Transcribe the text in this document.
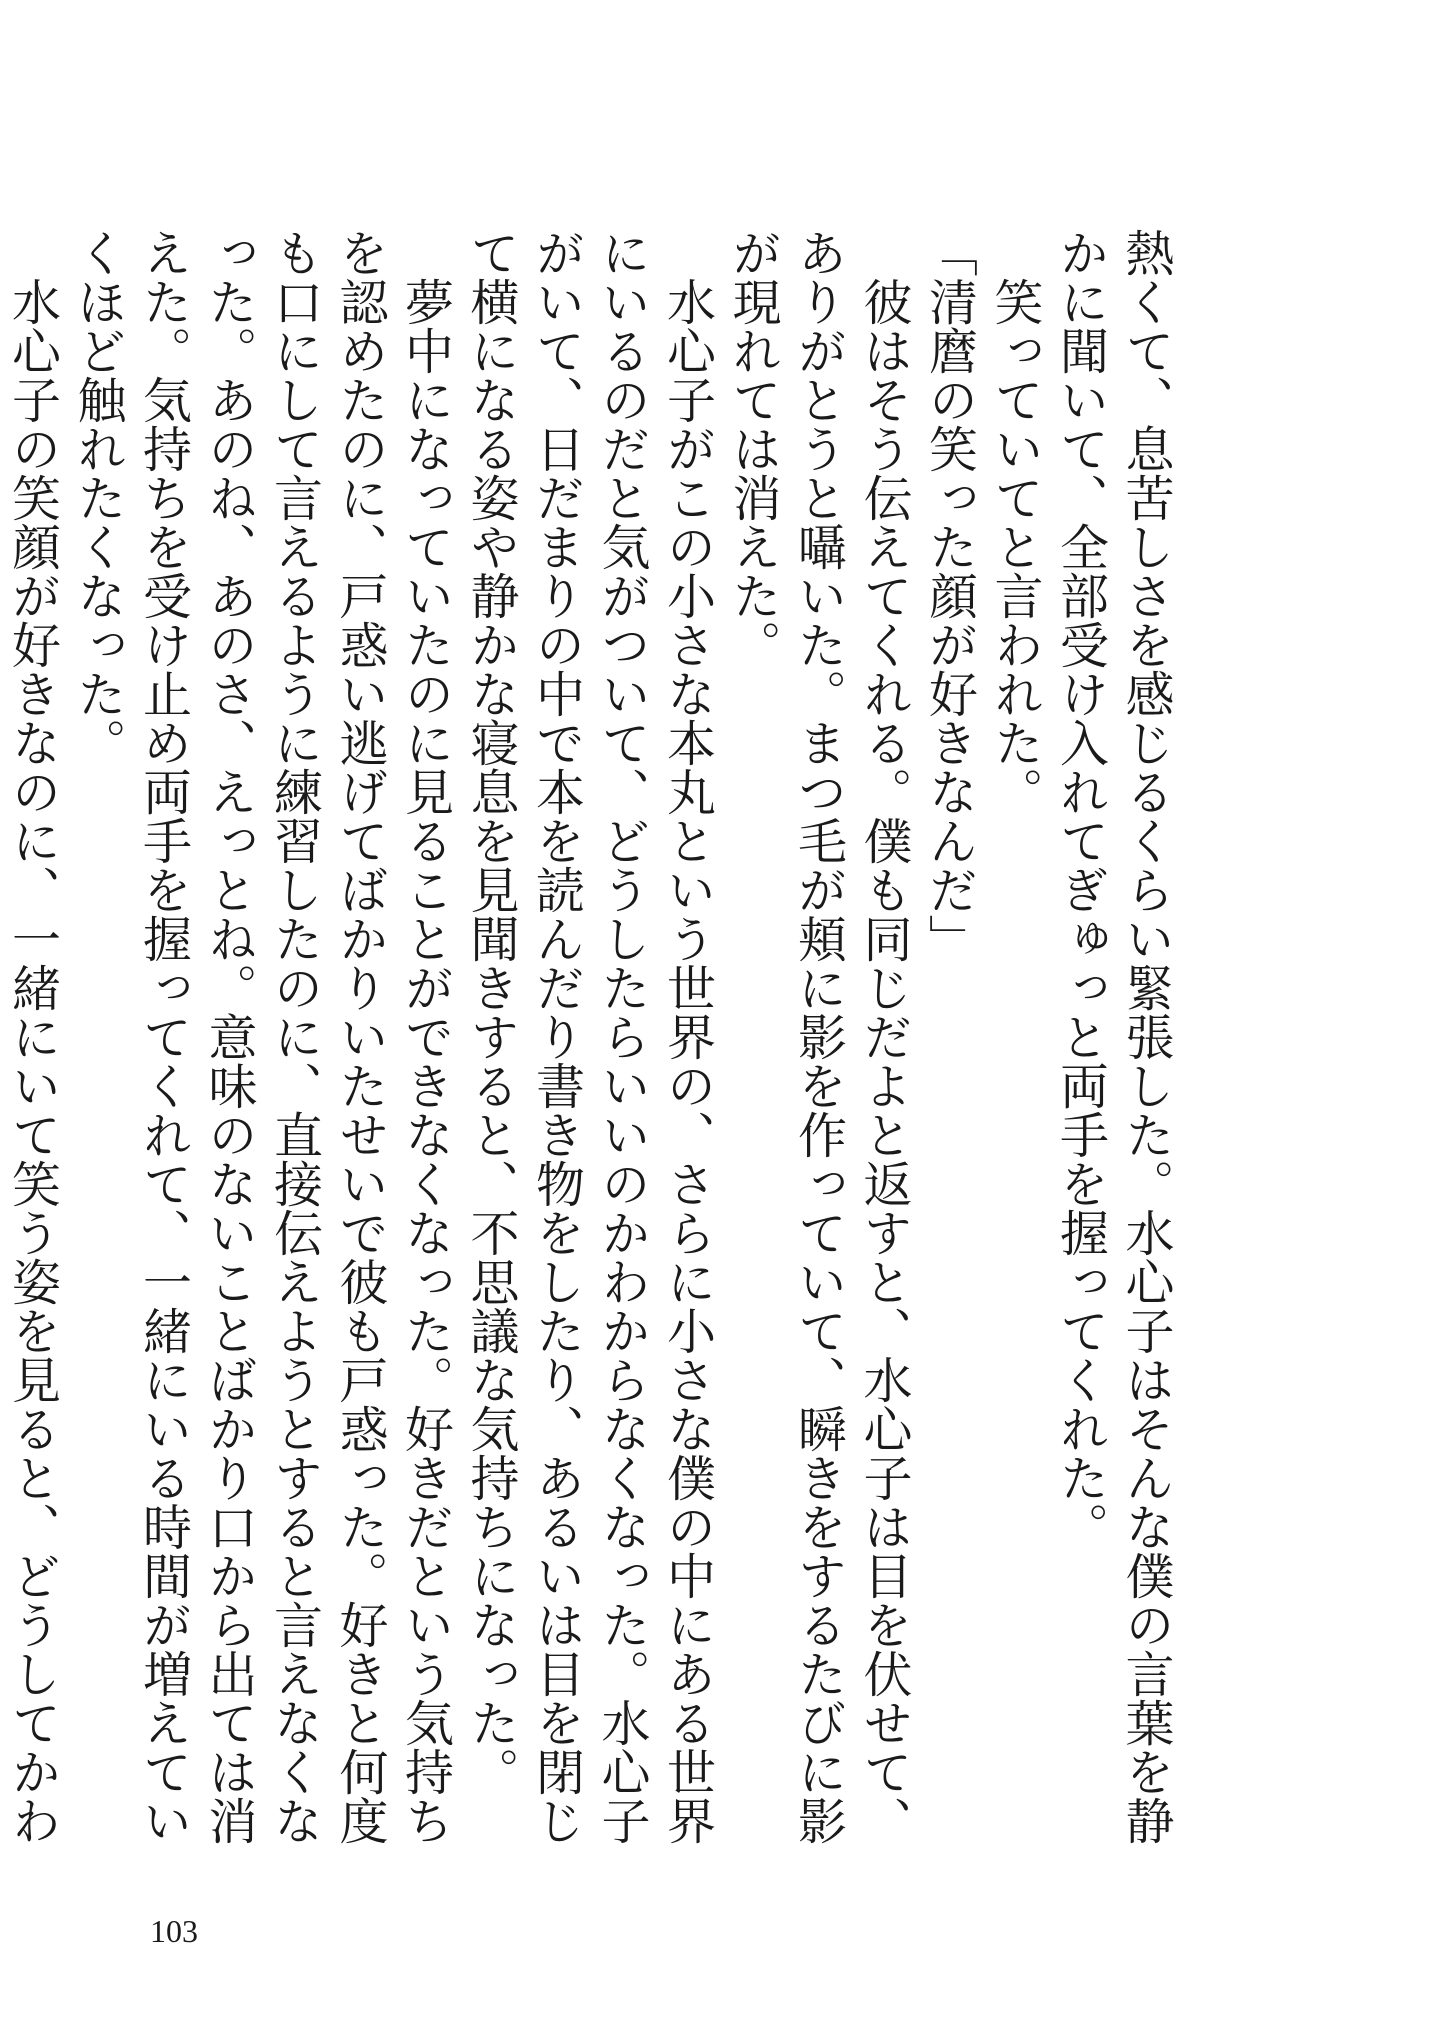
熱くて、息苦しさを感じるくらい緊張した。水心子はそんな僕の言葉を静かに聞いて、全部受け入れてぎゅっと両手を握ってくれた。

　笑っていてと言われた。

「清麿の笑った顔が好きなんだ」

　彼はそう伝えてくれる。僕も同じだよと返すと、水心子は目を伏せて、ありがとうと囁いた。まつ毛が頬に影を作っていて、瞬きをするたびに影が現れては消えた。

　水心子がこの小さな本丸という世界の、さらに小さな僕の中にある世界にいるのだと気がついて、どうしたらいいのかわからなくなった。水心子がいて、日だまりの中で本を読んだり書き物をしたり、あるいは目を閉じて横になる姿や静かな寝息を見聞きすると、不思議な気持ちになった。

　夢中になっていたのに見ることができなくなった。好きだという気持ちを認めたのに、戸惑い逃げてばかりいたせいで彼も戸惑った。好きと何度も口にして言えるように練習したのに、直接伝えようとすると言えなくなった。あのね、あのさ、えっとね。意味のないことばかり口から出ては消えた。気持ちを受け止め両手を握ってくれて、一緒にいる時間が増えていくほど触れたくなった。

　水心子の笑顔が好きなのに、一緒にいて笑う姿を見ると、どうしてかわ

103
